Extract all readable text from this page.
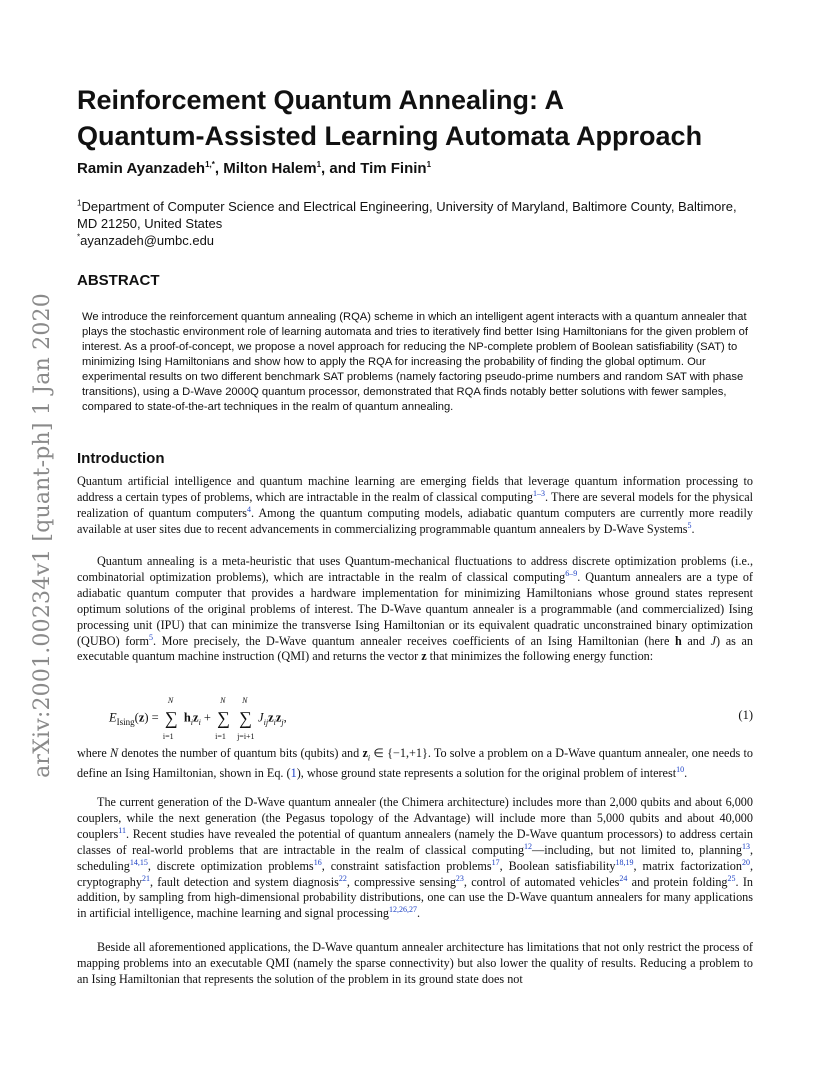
arXiv:2001.00234v1 [quant-ph] 1 Jan 2020
Reinforcement Quantum Annealing: A
Quantum-Assisted Learning Automata Approach
Ramin Ayanzadeh$^{1,*}$, Milton Halem$^1$, and Tim Finin$^1$
$^1$Department of Computer Science and Electrical Engineering, University of Maryland, Baltimore County, Baltimore, MD 21250, United States
*ayanzadeh@umbc.edu
ABSTRACT

We introduce the reinforcement quantum annealing (RQA) scheme in which an intelligent agent interacts with a quantum annealer that plays the stochastic environment role of learning automata and tries to iteratively find better Ising Hamiltonians for the given problem of interest. As a proof-of-concept, we propose a novel approach for reducing the NP-complete problem of Boolean satisfiability (SAT) to minimizing Ising Hamiltonians and show how to apply the RQA for increasing the probability of finding the global optimum. Our experimental results on two different benchmark SAT problems (namely factoring pseudo-prime numbers and random SAT with phase transitions), using a D-Wave 2000Q quantum processor, demonstrated that RQA finds notably better solutions with fewer samples, compared to state-of-the-art techniques in the realm of quantum annealing.

Introduction

Quantum artificial intelligence and quantum machine learning are emerging fields that leverage quantum information processing to address a certain types of problems, which are intractable in the realm of classical computing$^{1-3}$. There are several models for the physical realization of quantum computers$^4$. Among the quantum computing models, adiabatic quantum computers are currently more readily available at user sites due to recent advancements in commercializing programmable quantum annealers by D-Wave Systems$^5$.

Quantum annealing is a meta-heuristic that uses Quantum-mechanical fluctuations to address discrete optimization problems (i.e., combinatorial optimization problems), which are intractable in the realm of classical computing$^{6-9}$. Quantum annealers are a type of adiabatic quantum computer that provides a hardware implementation for minimizing Hamiltonians whose ground states represent optimum solutions of the original problems of interest. The D-Wave quantum annealer is a programmable (and commercialized) Ising processing unit (IPU) that can minimize the transverse Ising Hamiltonian or its equivalent quadratic unconstrained binary optimization (QUBO) form$^5$. More precisely, the D-Wave quantum annealer receives coefficients of an Ising Hamiltonian (here h and J) as an executable quantum machine instruction (QMI) and returns the vector z that minimizes the following energy function:

$E_{Ising}(z)$ = ∑
N
i=1
$h_iz_i$ + ∑
N
i=1
∑
N
j=i+1
$J_{ij}z_iz_j$,	(1)

where N denotes the number of quantum bits (qubits) and $z_i$ ∈ {−1,+1}. To solve a problem on a D-Wave quantum annealer, one needs to define an Ising Hamiltonian, shown in Eq. (1), whose ground state represents a solution for the original problem of interest$^{10}$.

The current generation of the D-Wave quantum annealer (the Chimera architecture) includes more than 2,000 qubits and about 6,000 couplers, while the next generation (the Pegasus topology of the Advantage) will include more than 5,000 qubits and about 40,000 couplers$^{11}$. Recent studies have revealed the potential of quantum annealers (namely the D-Wave quantum processors) to address certain classes of real-world problems that are intractable in the realm of classical computing$^{12}$—including, but not limited to, planning$^{13}$, scheduling$^{14,15}$, discrete optimization problems$^{16}$, constraint satisfaction problems$^{17}$, Boolean satisfiability$^{18,19}$, matrix factorization$^{20}$, cryptography$^{21}$, fault detection and system diagnosis$^{22}$, compressive sensing$^{23}$, control of automated vehicles$^{24}$ and protein folding$^{25}$. In addition, by sampling from high-dimensional probability distributions, one can use the D-Wave quantum annealers for many applications in artificial intelligence, machine learning and signal processing$^{12,26,27}$.

Beside all aforementioned applications, the D-Wave quantum annealer architecture has limitations that not only restrict the process of mapping problems into an executable QMI (namely the sparse connectivity) but also lower the quality of results. Reducing a problem to an Ising Hamiltonian that represents the solution of the problem in its ground state does not
